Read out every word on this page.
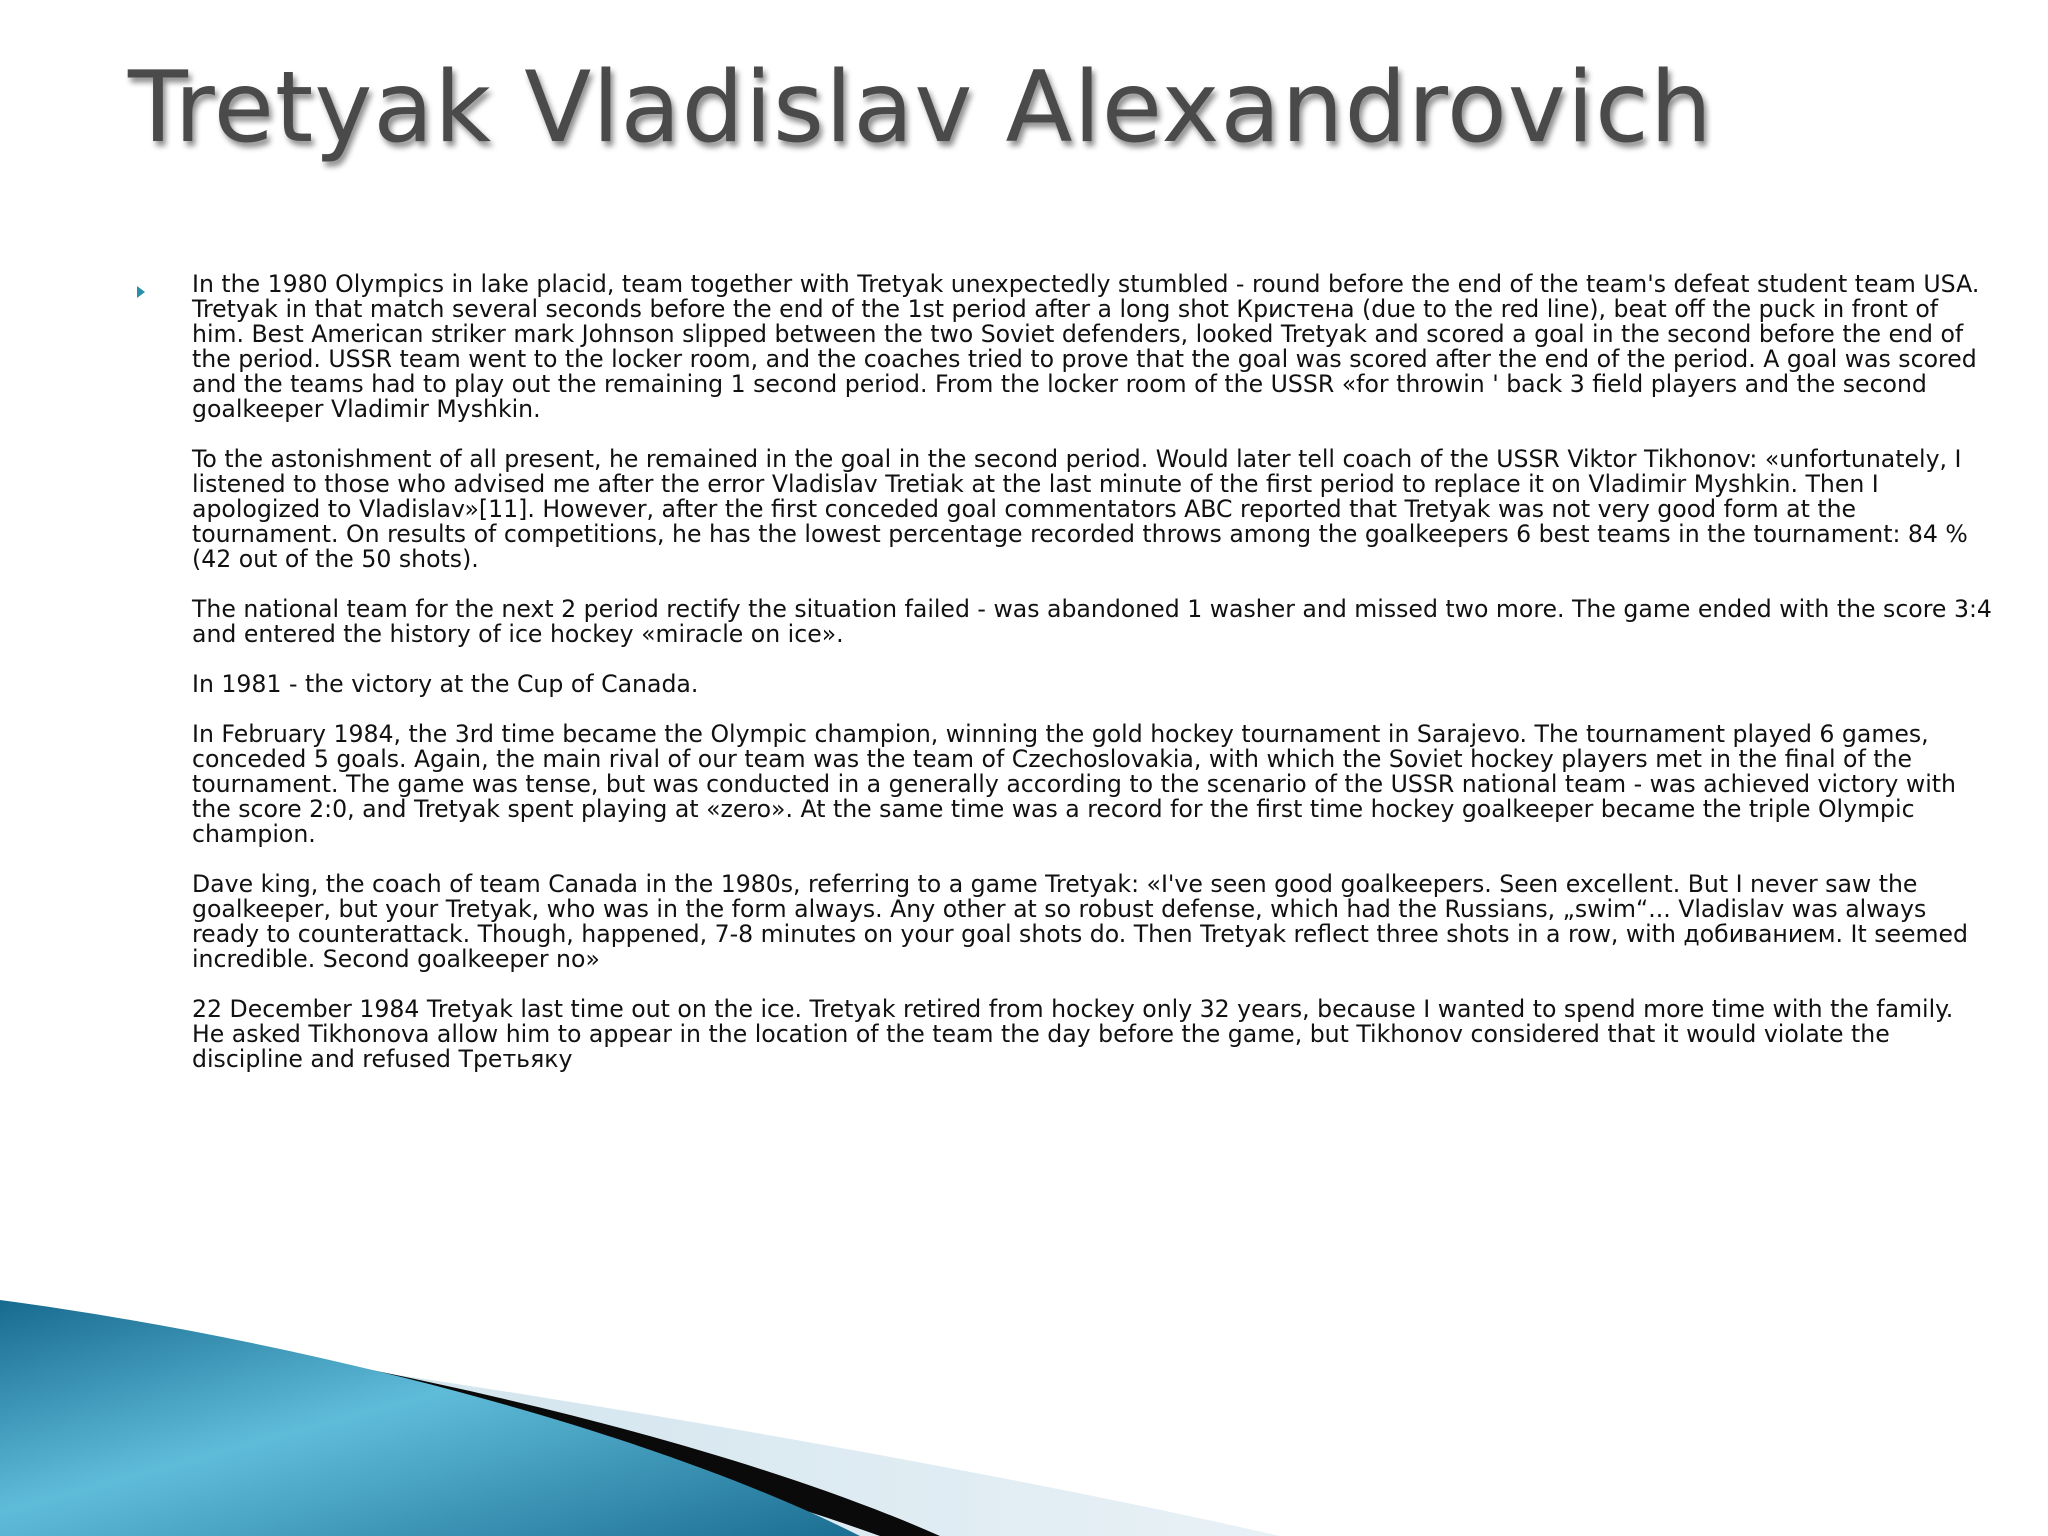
Tretyak Vladislav Alexandrovich

In the 1980 Olympics in lake placid, team together with Tretyak unexpectedly stumbled - round before the end of the team's defeat student team USA. Tretyak in that match several seconds before the end of the 1st period after a long shot Кристена (due to the red line), beat off the puck in front of him. Best American striker mark Johnson slipped between the two Soviet defenders, looked Tretyak and scored a goal in the second before the end of the period. USSR team went to the locker room, and the coaches tried to prove that the goal was scored after the end of the period. A goal was scored and the teams had to play out the remaining 1 second period. From the locker room of the USSR «for throwin ' back 3 field players and the second goalkeeper Vladimir Myshkin.

To the astonishment of all present, he remained in the goal in the second period. Would later tell coach of the USSR Viktor Tikhonov: «unfortunately, I listened to those who advised me after the error Vladislav Tretiak at the last minute of the first period to replace it on Vladimir Myshkin. Then I apologized to Vladislav»[11]. However, after the first conceded goal commentators ABC reported that Tretyak was not very good form at the tournament. On results of competitions, he has the lowest percentage recorded throws among the goalkeepers 6 best teams in the tournament: 84 % (42 out of the 50 shots).

The national team for the next 2 period rectify the situation failed - was abandoned 1 washer and missed two more. The game ended with the score 3:4 and entered the history of ice hockey «miracle on ice».

In 1981 - the victory at the Cup of Canada.

In February 1984, the 3rd time became the Olympic champion, winning the gold hockey tournament in Sarajevo. The tournament played 6 games, conceded 5 goals. Again, the main rival of our team was the team of Czechoslovakia, with which the Soviet hockey players met in the final of the tournament. The game was tense, but was conducted in a generally according to the scenario of the USSR national team - was achieved victory with the score 2:0, and Tretyak spent playing at «zero». At the same time was a record for the first time hockey goalkeeper became the triple Olympic champion.

Dave king, the coach of team Canada in the 1980s, referring to a game Tretyak: «I've seen good goalkeepers. Seen excellent. But I never saw the goalkeeper, but your Tretyak, who was in the form always. Any other at so robust defense, which had the Russians, „swim“... Vladislav was always ready to counterattack. Though, happened, 7-8 minutes on your goal shots do. Then Tretyak reflect three shots in a row, with добиванием. It seemed incredible. Second goalkeeper no»

22 December 1984 Tretyak last time out on the ice. Tretyak retired from hockey only 32 years, because I wanted to spend more time with the family. He asked Tikhonova allow him to appear in the location of the team the day before the game, but Tikhonov considered that it would violate the discipline and refused Третьяку
